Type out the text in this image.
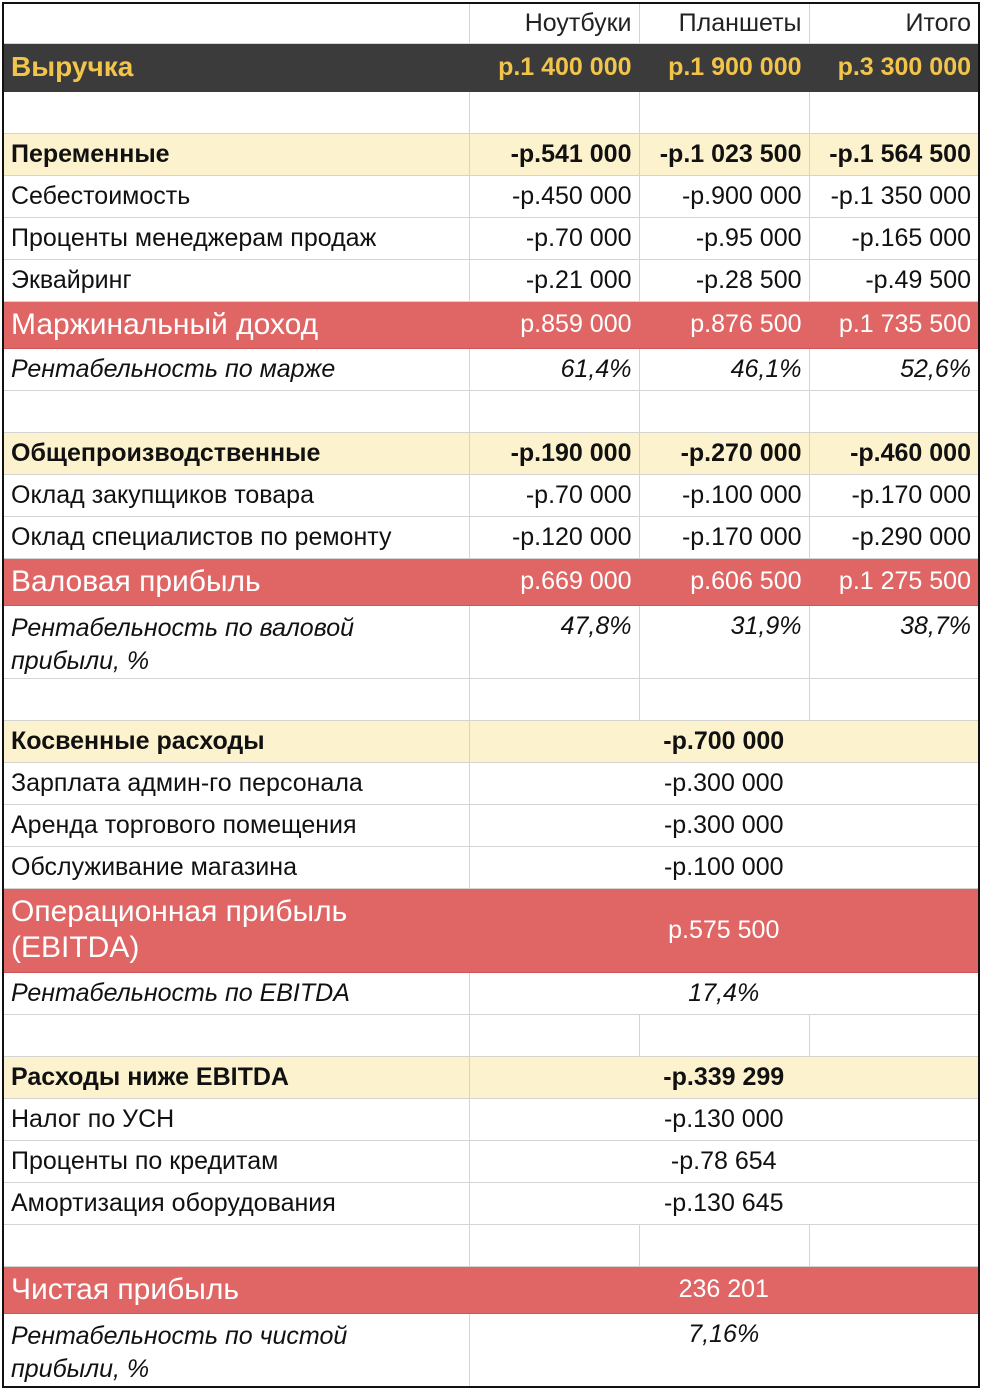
	Ноутбуки	Планшеты	Итого
Выручка	р.1 400 000	р.1 900 000	р.3 300 000

Переменные	-р.541 000	-р.1 023 500	-р.1 564 500
Себестоимость	-р.450 000	-р.900 000	-р.1 350 000
Проценты менеджерам продаж	-р.70 000	-р.95 000	-р.165 000
Эквайринг	-р.21 000	-р.28 500	-р.49 500
Маржинальный доход	р.859 000	р.876 500	р.1 735 500
Рентабельность по марже	61,4%	46,1%	52,6%

Общепроизводственные	-р.190 000	-р.270 000	-р.460 000
Оклад закупщиков товара	-р.70 000	-р.100 000	-р.170 000
Оклад специалистов по ремонту	-р.120 000	-р.170 000	-р.290 000
Валовая прибыль	р.669 000	р.606 500	р.1 275 500
Рентабельность по валовой прибыли, %	47,8%	31,9%	38,7%

Косвенные расходы	-р.700 000		
Зарплата админ-го персонала	-р.300 000		
Аренда торгового помещения	-р.300 000		
Обслуживание магазина	-р.100 000		
Операционная прибыль (EBITDA)	р.575 500		
Рентабельность по EBITDA	17,4%		

Расходы ниже EBITDA	-р.339 299		
Налог по УСН	-р.130 000		
Проценты по кредитам	-р.78 654		
Амортизация оборудования	-р.130 645		

Чистая прибыль	236 201		
Рентабельность по чистой прибыли, %	7,16%		
